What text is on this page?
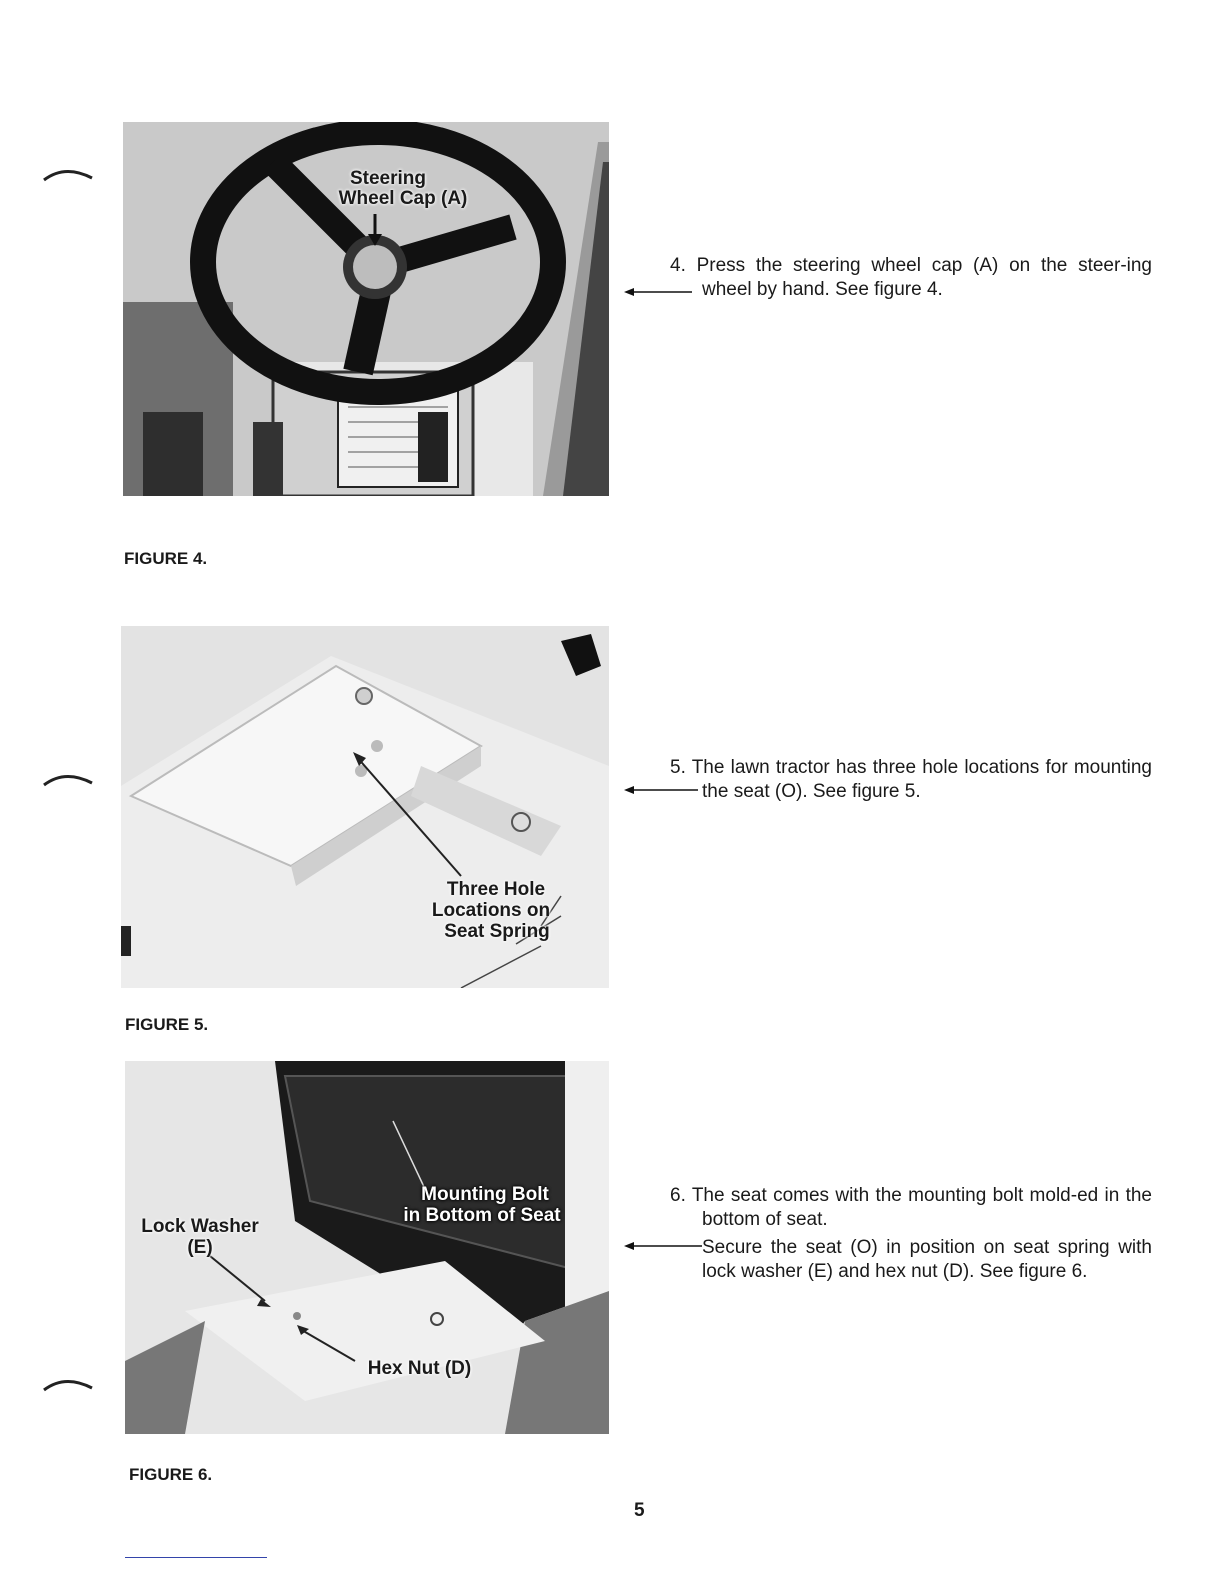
Steering
Wheel Cap (A)
FIGURE 4.
Three Hole
Locations on
Seat Spring
FIGURE 5.
Mounting Bolt
in Bottom of Seat
Lock Washer
(E)
Hex Nut (D)
FIGURE 6.

4. Press the steering wheel cap (A) on the steer-ing wheel by hand. See figure 4.

5. The lawn tractor has three hole locations for mounting the seat (O). See figure 5.

6. The seat comes with the mounting bolt mold-ed in the bottom of seat.

Secure the seat (O) in position on seat spring with lock washer (E) and hex nut (D). See figure 6.

5
